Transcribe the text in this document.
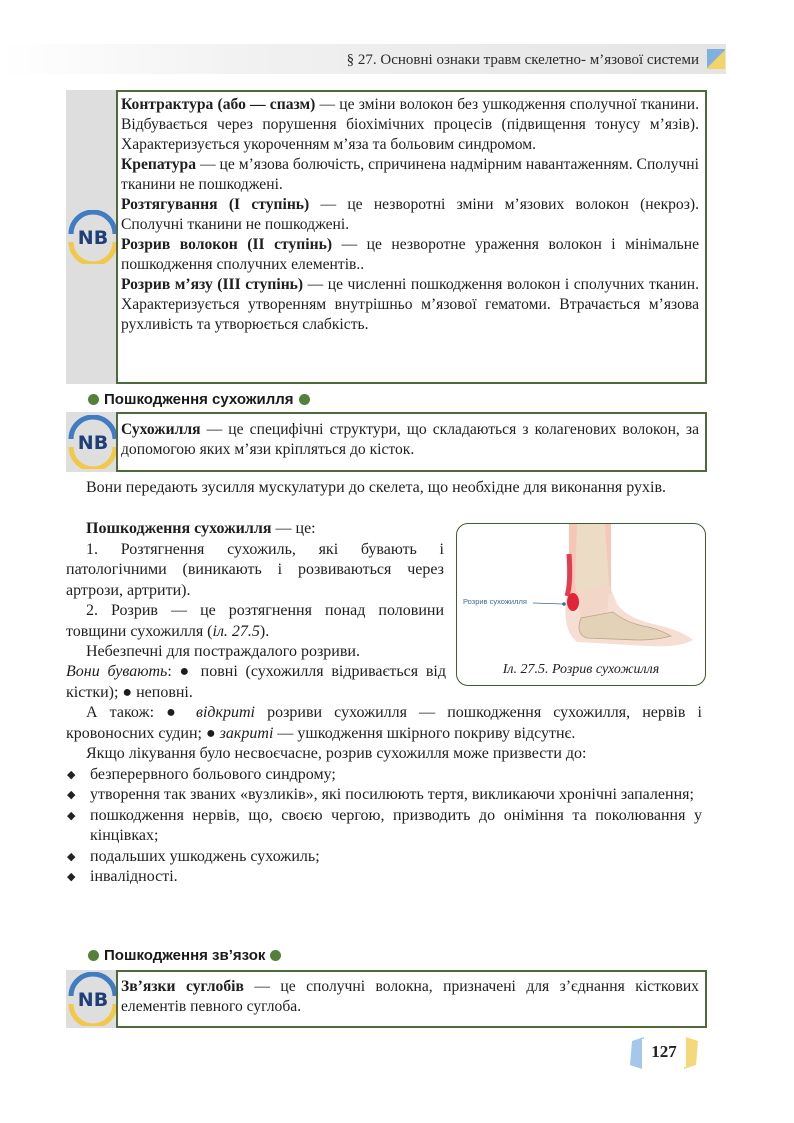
§ 27. Основні ознаки травм скелетно- м’язової системи
NB

Контрактура (або — спазм) — це зміни волокон без ушкодження сполучної тканини. Відбувається через порушення біохімічних процесів (підвищення тонусу м’язів). Характеризується укороченням м’яза та больовим синдромом.

Крепатура — це м’язова болючість, спричинена надмірним навантаженням. Сполучні тканини не пошкоджені.

Розтягування (І ступінь) — це незворотні зміни м’язових волокон (некроз). Сполучні тканини не пошкоджені.

Розрив волокон (ІІ ступінь) — це незворотне ураження волокон і мінімальне пошкодження сполучних елементів..

Розрив м’язу (ІІІ ступінь) — це численні пошкодження волокон і сполучних тканин. Характеризується утворенням внутрішньо м’язової гематоми. Втрачається м’язова рухливість та утворюється слабкість.

Пошкодження сухожилля
NB

Сухожилля — це специфічні структури, що складаються з колагенових волокон, за допомогою яких м’язи кріпляться до кісток.

Вони передають зусилля мускулатури до скелета, що необхідне для виконання рухів.

Пошкодження сухожилля — це:

1. Розтягнення сухожиль, які бувають і патологічними (виникають і розвиваються через артрози, артрити).

2. Розрив — це розтягнення понад половини товщини сухожилля (іл. 27.5).

Небезпечні для постраждалого розриви.

Вони бувають: ● повні (сухожилля відривається від кістки); ● неповні.

А також: ● відкриті розриви сухожилля — пошкодження сухожилля, нервів і кровоносних судин; ● закриті — ушкодження шкірного покриву відсутнє.

Якщо лікування було несвоєчасне, розрив сухожилля може призвести до:

◆ безперервного больового синдрому;
◆ утворення так званих «вузликів», які посилюють тертя, викликаючи хронічні запалення;
◆ пошкодження нервів, що, своєю чергою, призводить до оніміння та поколювання у кінцівках;
◆ подальших ушкоджень сухожиль;
◆ інвалідності.
Розрив сухожилля
Іл. 27.5. Розрив сухожилля
Пошкодження зв’язок
NB

Зв’язки суглобів — це сполучні волокна, призначені для з’єднання кісткових елементів певного суглоба.

127
